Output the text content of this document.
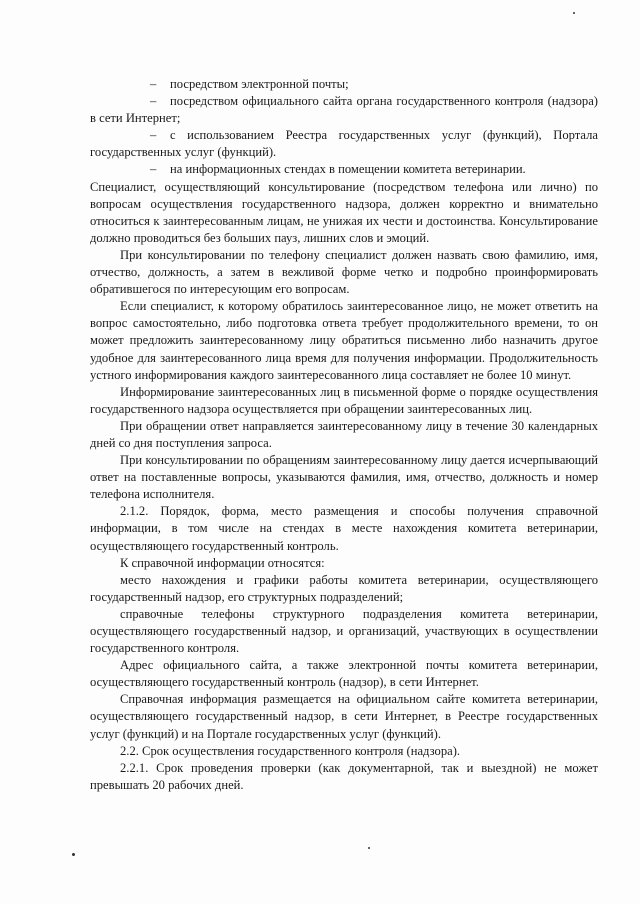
– посредством электронной почты;

– посредством официального сайта органа государственного контроля (надзора) в сети Интернет;

– с использованием Реестра государственных услуг (функций), Портала государственных услуг (функций).

– на информационных стендах в помещении комитета ветеринарии.

Специалист, осуществляющий консультирование (посредством телефона или лично) по вопросам осуществления государственного надзора, должен корректно и внимательно относиться к заинтересованным лицам, не унижая их чести и достоинства. Консультирование должно проводиться без больших пауз, лишних слов и эмоций.

При консультировании по телефону специалист должен назвать свою фамилию, имя, отчество, должность, а затем в вежливой форме четко и подробно проинформировать обратившегося по интересующим его вопросам.

Если специалист, к которому обратилось заинтересованное лицо, не может ответить на вопрос самостоятельно, либо подготовка ответа требует продолжительного времени, то он может предложить заинтересованному лицу обратиться письменно либо назначить другое удобное для заинтересованного лица время для получения информации. Продолжительность устного информирования каждого заинтересованного лица составляет не более 10 минут.

Информирование заинтересованных лиц в письменной форме о порядке осуществления государственного надзора осуществляется при обращении заинтересованных лиц.

При обращении ответ направляется заинтересованному лицу в течение 30 календарных дней со дня поступления запроса.

При консультировании по обращениям заинтересованному лицу дается исчерпывающий ответ на поставленные вопросы, указываются фамилия, имя, отчество, должность и номер телефона исполнителя.

2.1.2. Порядок, форма, место размещения и способы получения справочной информации, в том числе на стендах в месте нахождения комитета ветеринарии, осуществляющего государственный контроль.

К справочной информации относятся:

место нахождения и графики работы комитета ветеринарии, осуществляющего государственный надзор, его структурных подразделений;

справочные телефоны структурного подразделения комитета ветеринарии, осуществляющего государственный надзор, и организаций, участвующих в осуществлении государственного контроля.

Адрес официального сайта, а также электронной почты комитета ветеринарии, осуществляющего государственный контроль (надзор), в сети Интернет.

Справочная информация размещается на официальном сайте комитета ветеринарии, осуществляющего государственный надзор, в сети Интернет, в Реестре государственных услуг (функций) и на Портале государственных услуг (функций).

2.2. Срок осуществления государственного контроля (надзора).

2.2.1. Срок проведения проверки (как документарной, так и выездной) не может превышать 20 рабочих дней.
